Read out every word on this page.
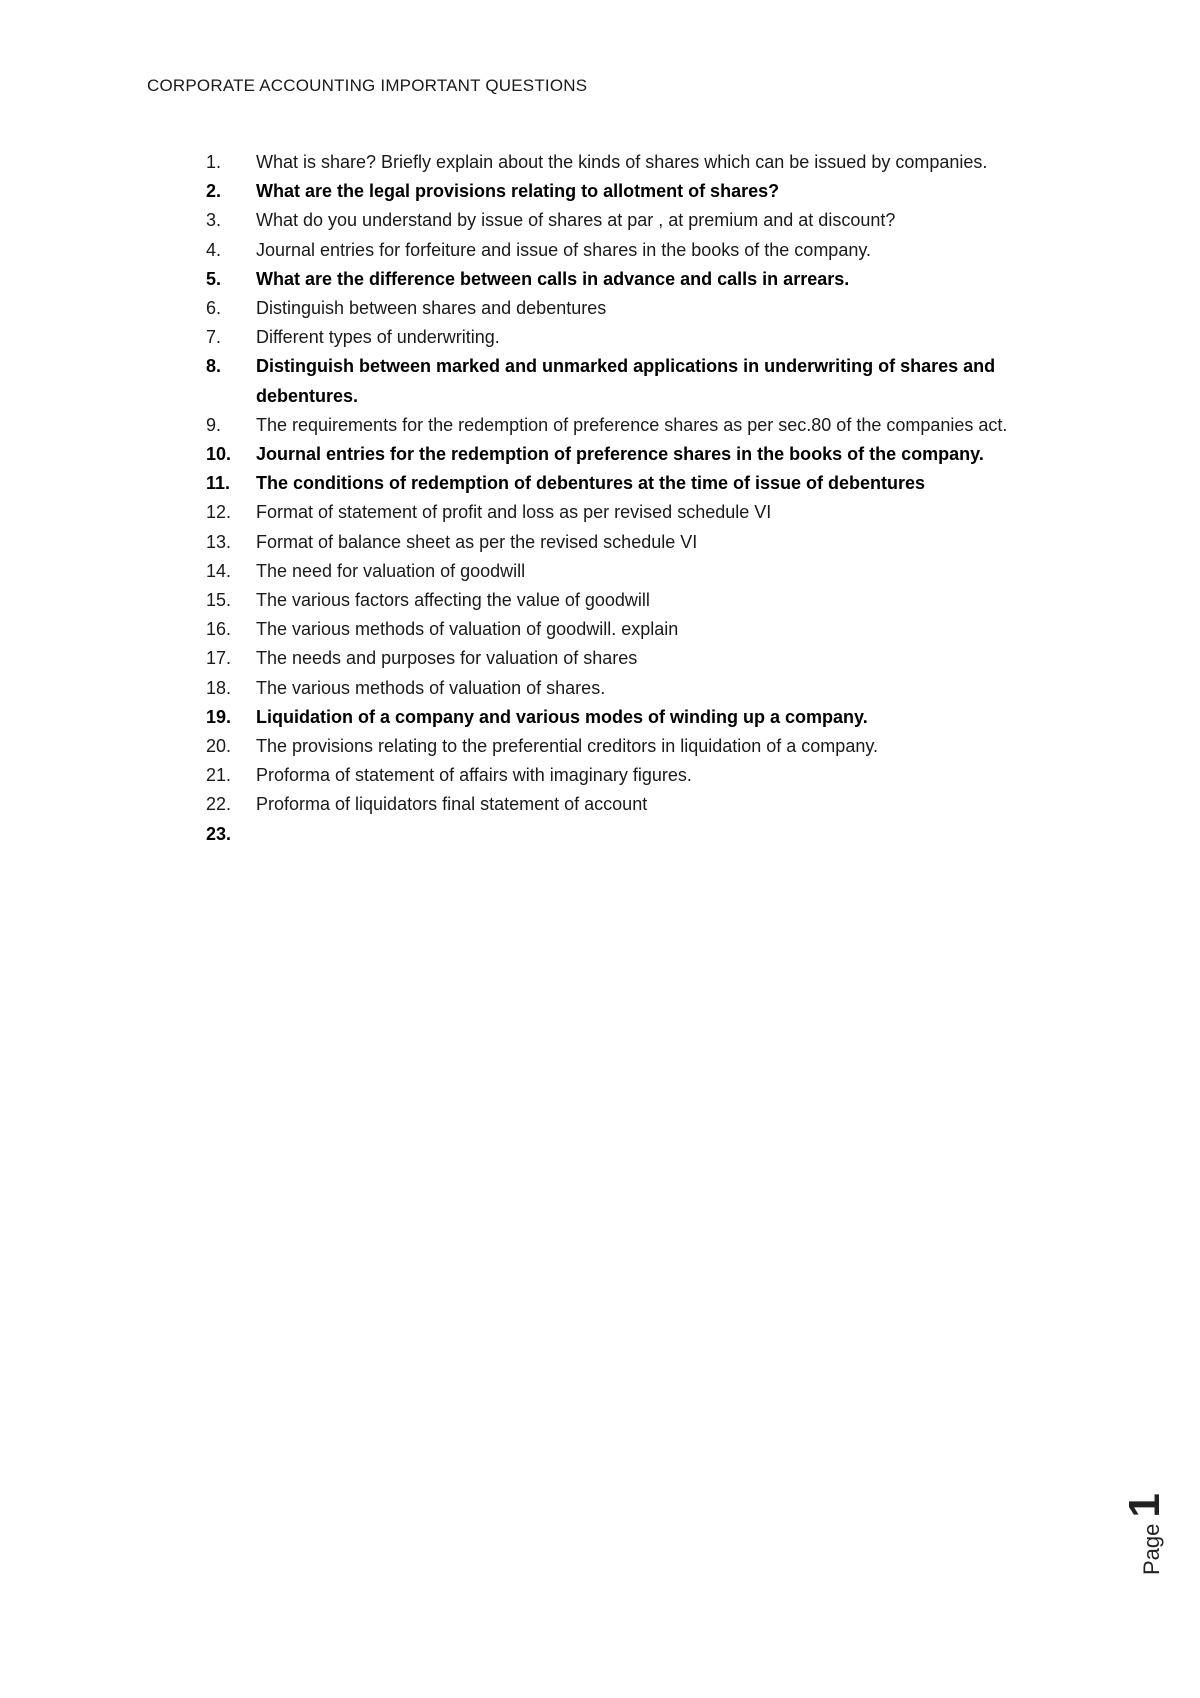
CORPORATE ACCOUNTING IMPORTANT QUESTIONS
1.	What is share? Briefly explain about the kinds of shares which can be issued by companies.
2.	What are the legal provisions relating to allotment of shares?
3.	What do you understand by issue of shares at par , at premium and at discount?
4.	Journal entries for forfeiture and issue of shares in the books of the company.
5.	What are the difference between calls in advance and calls in arrears.
6.	Distinguish between shares and debentures
7.	Different types of underwriting.
8.	Distinguish between marked and unmarked applications in underwriting of shares and debentures.
9.	The requirements for the redemption of preference shares as per sec.80 of the companies act.
10.	Journal entries for the redemption of preference shares in the books of the company.
11.	The conditions of redemption of debentures at the time of issue of debentures
12.	Format of statement of profit and loss as per revised schedule VI
13.	Format of balance sheet as per the revised schedule VI
14.	The need for valuation of goodwill
15.	The various factors affecting the value of goodwill
16.	The various methods of valuation of goodwill. explain
17.	The needs and purposes for valuation of shares
18.	The various methods of valuation of shares.
19.	Liquidation of a company and various modes of winding up a company.
20.	The provisions relating to the preferential creditors in liquidation of a company.
21.	Proforma of statement of affairs with imaginary figures.
22.	Proforma of liquidators final statement of account
23.
Page1
